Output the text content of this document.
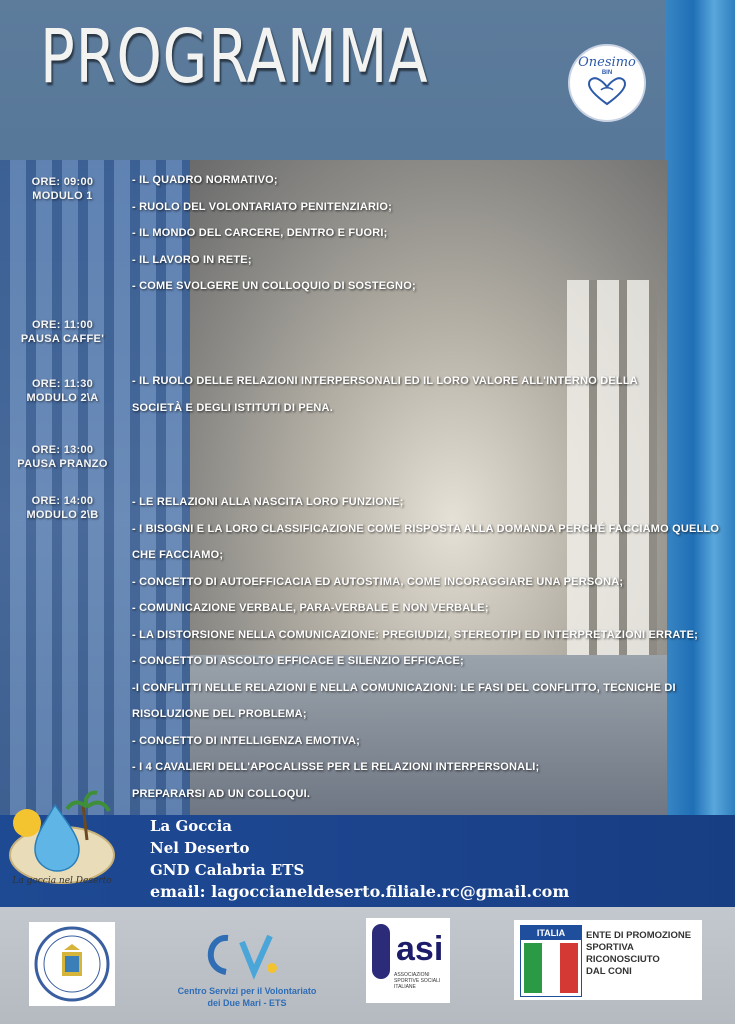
PROGRAMMA	Onesimo
BIN
ORE: 09:00
MODULO 1
ORE: 11:00
PAUSA CAFFE'
ORE: 11:30
MODULO 2\A
ORE: 13:00
PAUSA PRANZO
ORE: 14:00
MODULO 2\B
- IL QUADRO NORMATIVO;
- RUOLO DEL VOLONTARIATO PENITENZIARIO;
- IL MONDO DEL CARCERE, DENTRO E FUORI;
- IL LAVORO IN RETE;
- COME SVOLGERE UN COLLOQUIO DI SOSTEGNO;
- IL RUOLO DELLE RELAZIONI INTERPERSONALI ED IL LORO VALORE ALL'INTERNO DELLA
SOCIETÀ E DEGLI ISTITUTI DI PENA.
- LE RELAZIONI ALLA NASCITA LORO FUNZIONE;
- I BISOGNI E LA LORO CLASSIFICAZIONE COME RISPOSTA ALLA DOMANDA PERCHÉ FACCIAMO QUELLO
CHE FACCIAMO;
- CONCETTO DI AUTOEFFICACIA ED AUTOSTIMA, COME INCORAGGIARE UNA PERSONA;
- COMUNICAZIONE VERBALE, PARA-VERBALE E NON VERBALE;
- LA DISTORSIONE NELLA COMUNICAZIONE: PREGIUDIZI, STEREOTIPI ED INTERPRETAZIONI ERRATE;
- CONCETTO DI ASCOLTO EFFICACE E SILENZIO EFFICACE;
-I CONFLITTI NELLE RELAZIONI E NELLA COMUNICAZIONI: LE FASI DEL CONFLITTO, TECNICHE DI
RISOLUZIONE DEL PROBLEMA;
- CONCETTO DI INTELLIGENZA EMOTIVA;
- I 4 CAVALIERI DELL'APOCALISSE PER LE RELAZIONI INTERPERSONALI;
PREPARARSI AD UN COLLOQUI.
La goccia nel Deserto
La Goccia
Nel Deserto
GND Calabria ETS
email: lagoccianeldeserto.filiale.rc@gmail.com
Centro Servizi per il Volontariato
dei Due Mari - ETS
asi
ASSOCIAZIONI SPORTIVE SOCIALI ITALIANE
ITALIA	ENTE DI PROMOZIONE
SPORTIVA
RICONOSCIUTO
DAL CONI
